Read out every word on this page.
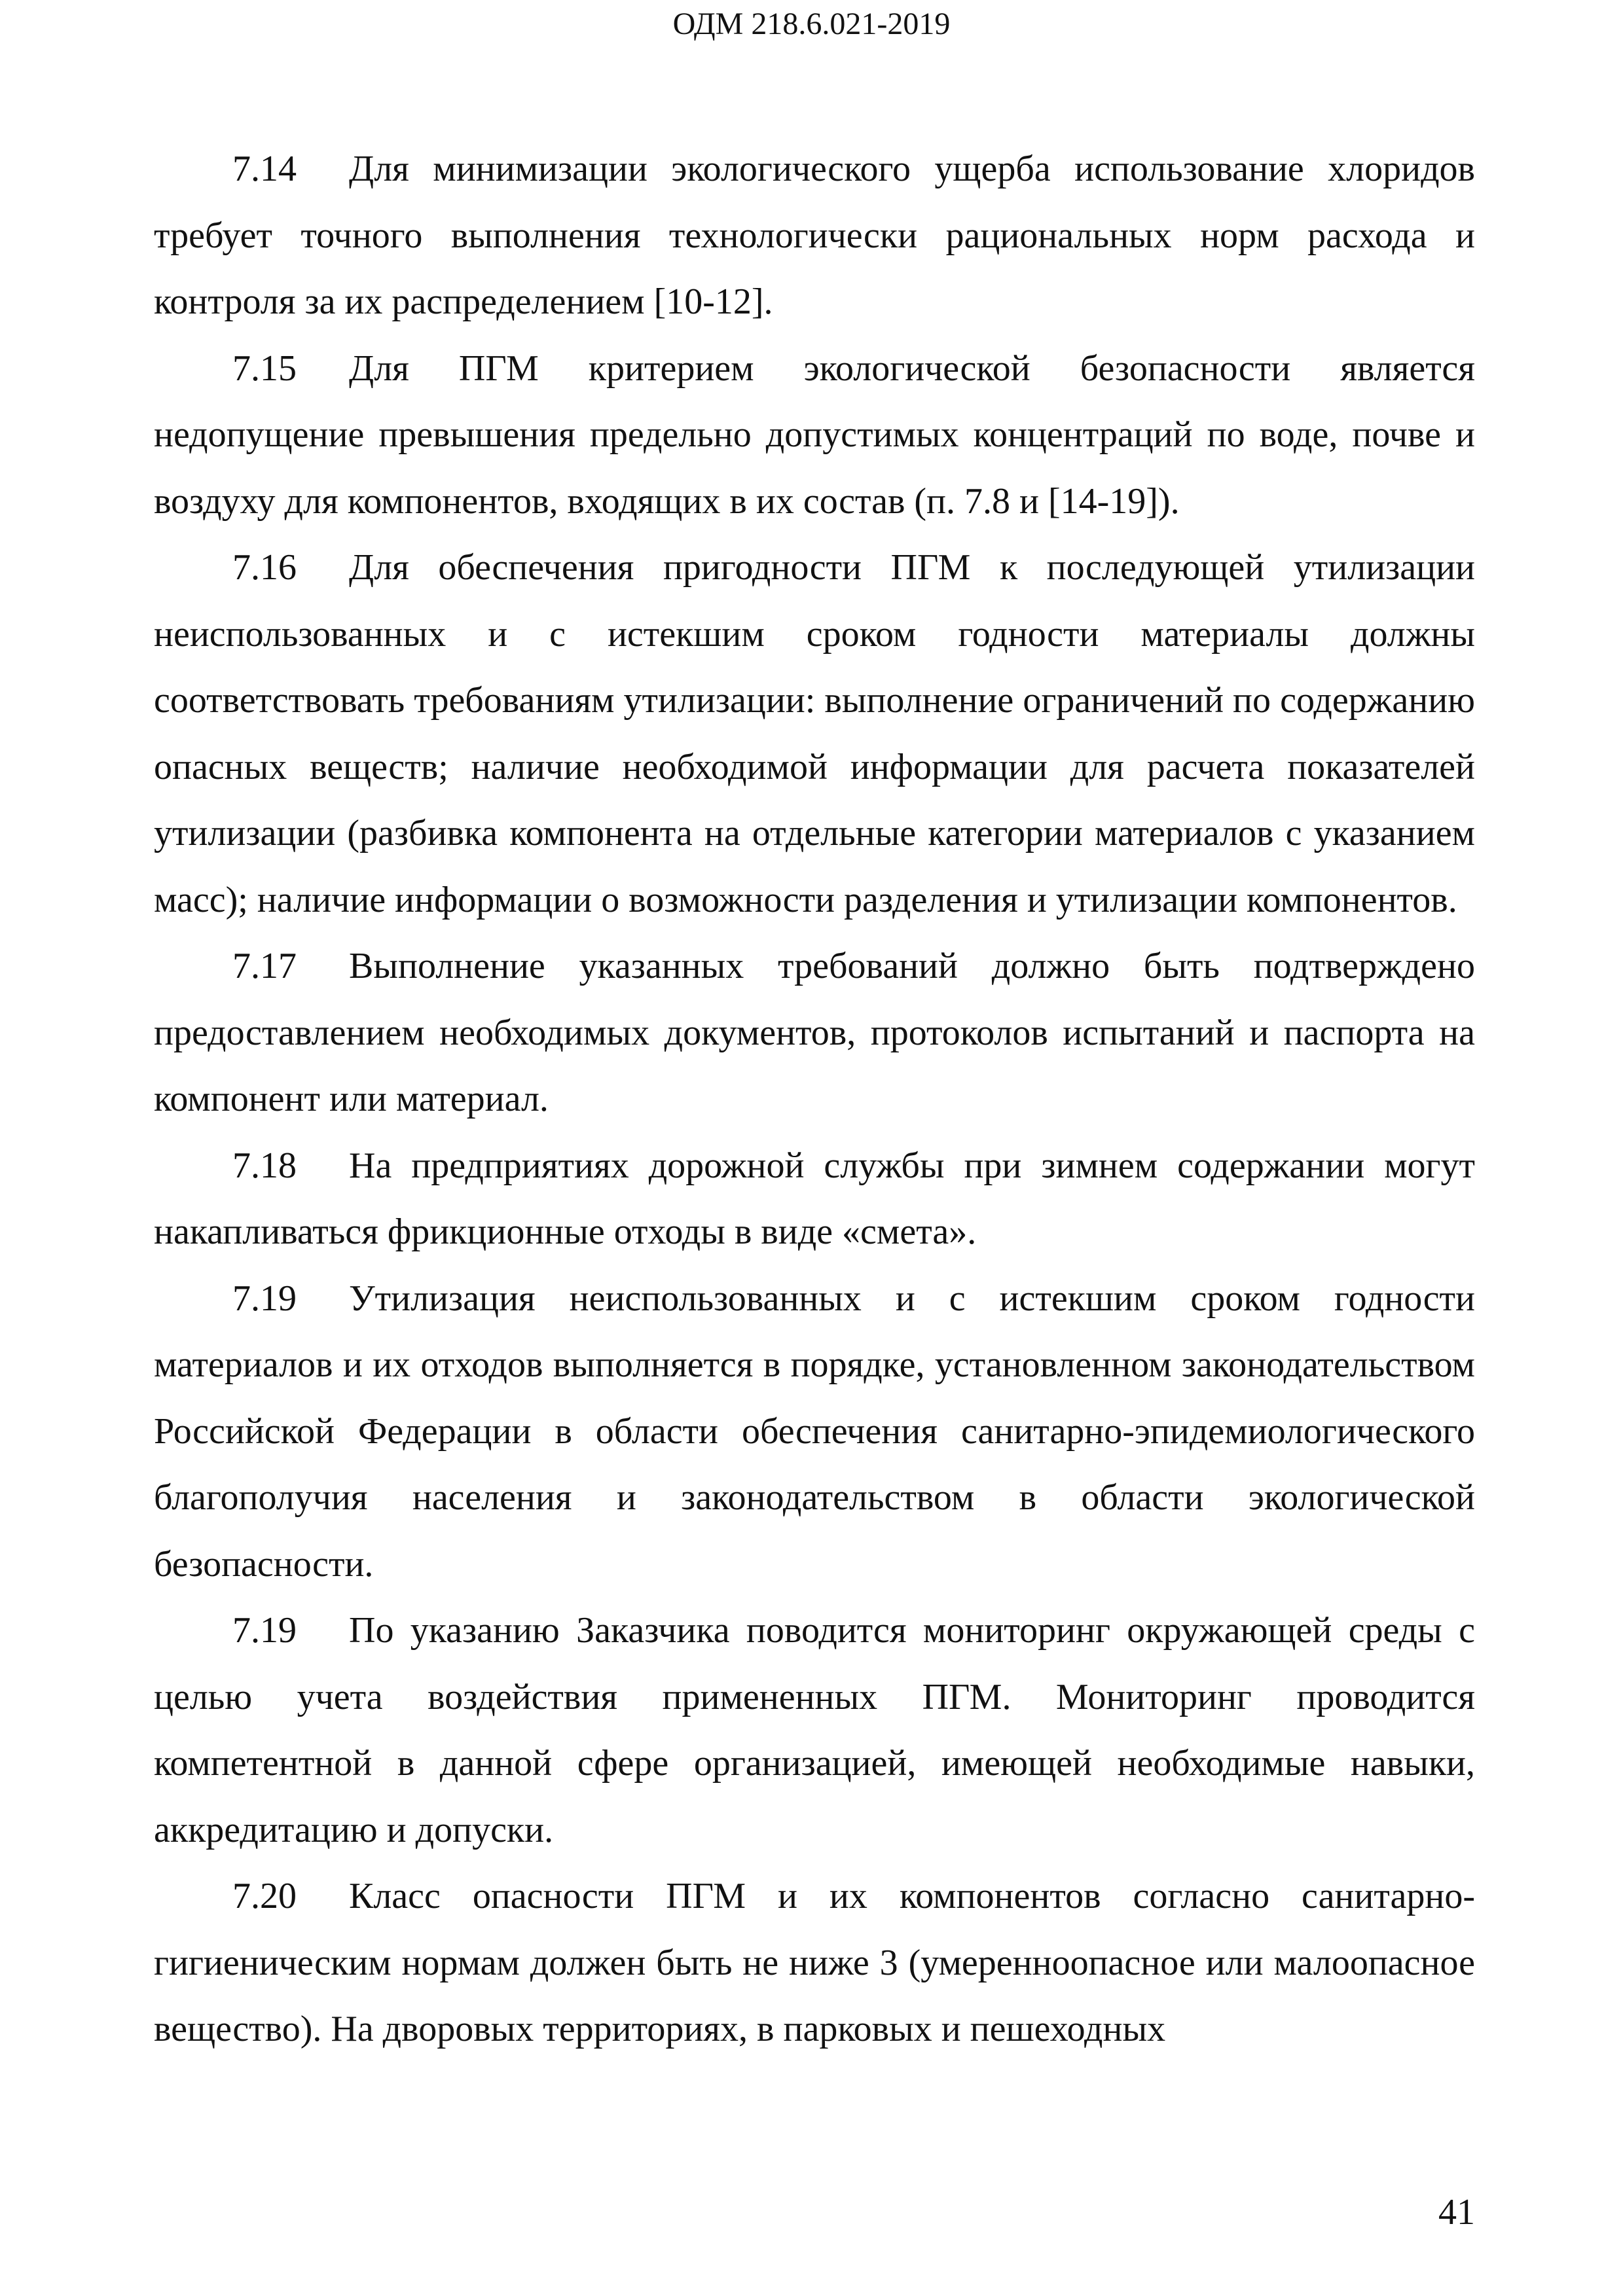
ОДМ 218.6.021-2019

7.14 Для минимизации экологического ущерба использование хлоридов требует точного выполнения технологически рациональных норм расхода и контроля за их распределением [10-12].

7.15 Для ПГМ критерием экологической безопасности является недопущение превышения предельно допустимых концентраций по воде, почве и воздуху для компонентов, входящих в их состав (п. 7.8 и [14-19]).

7.16 Для обеспечения пригодности ПГМ к последующей утилизации неиспользованных и с истекшим сроком годности материалы должны соответствовать требованиям утилизации: выполнение ограничений по содержанию опасных веществ; наличие необходимой информации для расчета показателей утилизации (разбивка компонента на отдельные категории материалов с указанием масс); наличие информации о возможности разделения и утилизации компонентов.

7.17 Выполнение указанных требований должно быть подтверждено предоставлением необходимых документов, протоколов испытаний и паспорта на компонент или материал.

7.18 На предприятиях дорожной службы при зимнем содержании могут накапливаться фрикционные отходы в виде «смета».

7.19 Утилизация неиспользованных и с истекшим сроком годности материалов и их отходов выполняется в порядке, установленном законодательством Российской Федерации в области обеспечения санитарно-эпидемиологического благополучия населения и законодательством в области экологической безопасности.

7.19 По указанию Заказчика поводится мониторинг окружающей среды с целью учета воздействия примененных ПГМ. Мониторинг проводится компетентной в данной сфере организацией, имеющей необходимые навыки, аккредитацию и допуски.

7.20 Класс опасности ПГМ и их компонентов согласно санитарно-гигиеническим нормам должен быть не ниже 3 (умеренноопасное или малоопасное вещество). На дворовых территориях, в парковых и пешеходных

41
